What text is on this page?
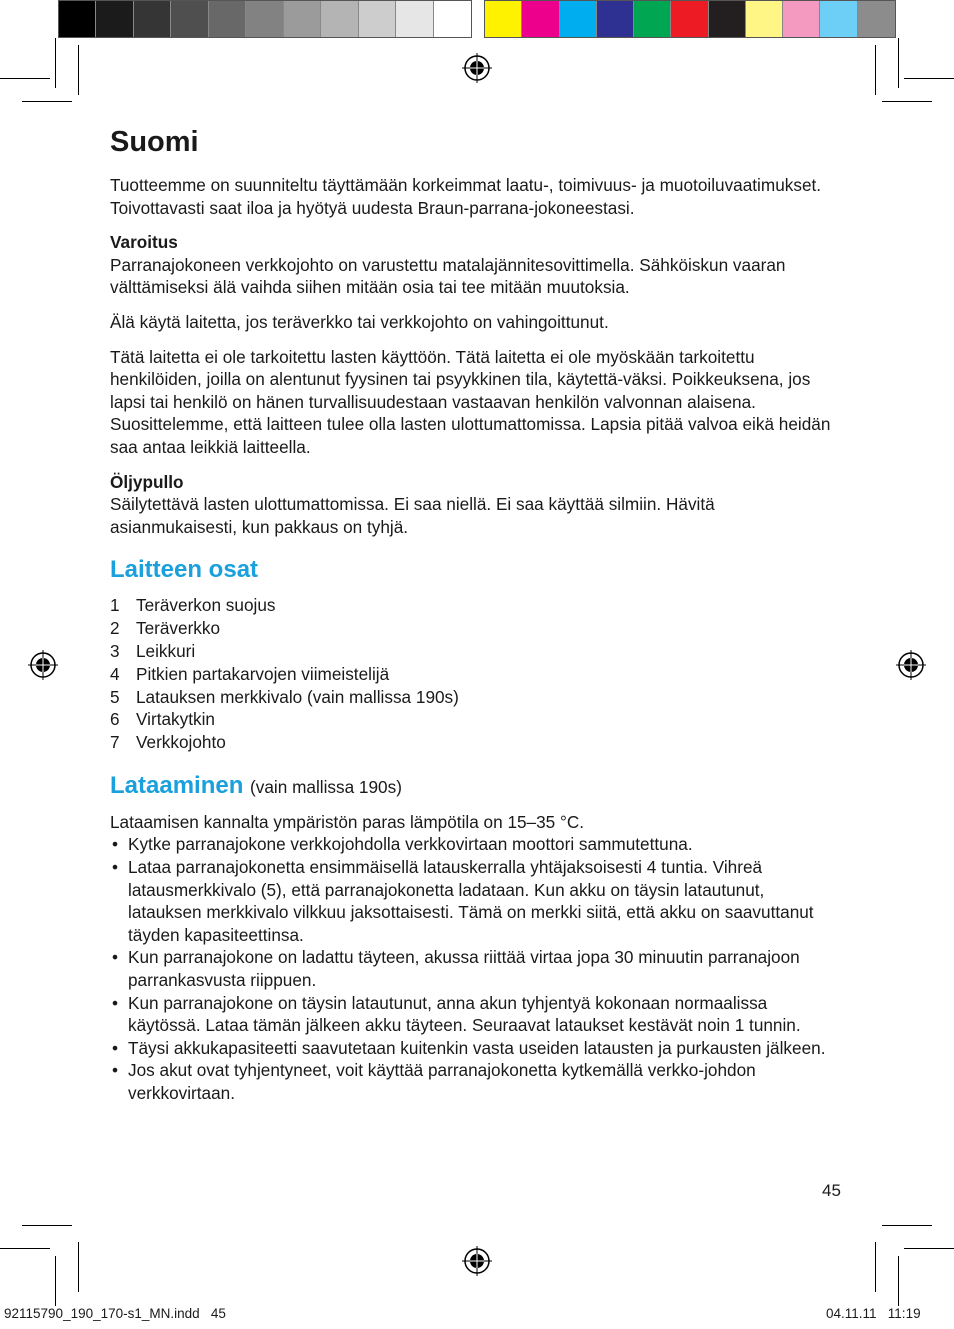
Suomi

Tuotteemme on suunniteltu täyttämään korkeimmat laatu-, toimivuus- ja muotoiluvaatimukset. Toivottavasti saat iloa ja hyötyä uudesta Braun-parrana-jokoneestasi.

Varoitus
Parranajokoneen verkkojohto on varustettu matalajännitesovittimella. Sähköiskun vaaran välttämiseksi älä vaihda siihen mitään osia tai tee mitään muutoksia.

Älä käytä laitetta, jos teräverkko tai verkkojohto on vahingoittunut.

Tätä laitetta ei ole tarkoitettu lasten käyttöön. Tätä laitetta ei ole myöskään tarkoitettu henkilöiden, joilla on alentunut fyysinen tai psyykkinen tila, käytettä-väksi. Poikkeuksena, jos lapsi tai henkilö on hänen turvallisuudestaan vastaavan henkilön valvonnan alaisena. Suosittelemme, että laitteen tulee olla lasten ulottumattomissa. Lapsia pitää valvoa eikä heidän saa antaa leikkiä laitteella.

Öljypullo
Säilytettävä lasten ulottumattomissa. Ei saa niellä. Ei saa käyttää silmiin. Hävitä asianmukaisesti, kun pakkaus on tyhjä.

Laitteen osat
1 Teräverkon suojus
2 Teräverkko
3 Leikkuri
4 Pitkien partakarvojen viimeistelijä
5 Latauksen merkkivalo (vain mallissa 190s)
6 Virtakytkin
7 Verkkojohto
Lataaminen (vain mallissa 190s)

Lataamisen kannalta ympäristön paras lämpötila on 15–35 °C.

• Kytke parranajokone verkkojohdolla verkkovirtaan moottori sammutettuna.
• Lataa parranajokonetta ensimmäisellä latauskerralla yhtäjaksoisesti 4 tuntia. Vihreä latausmerkkivalo (5), että parranajokonetta ladataan. Kun akku on täysin latautunut, latauksen merkkivalo vilkkuu jaksottaisesti. Tämä on merkki siitä, että akku on saavuttanut täyden kapasiteettinsa.
• Kun parranajokone on ladattu täyteen, akussa riittää virtaa jopa 30 minuutin parranajoon parrankasvusta riippuen.
• Kun parranajokone on täysin latautunut, anna akun tyhjentyä kokonaan normaalissa käytössä. Lataa tämän jälkeen akku täyteen. Seuraavat lataukset kestävät noin 1 tunnin.
• Täysi akkukapasiteetti saavutetaan kuitenkin vasta useiden latausten ja purkausten jälkeen.
• Jos akut ovat tyhjentyneet, voit käyttää parranajokonetta kytkemällä verkko-johdon verkkovirtaan.
45
92115790_190_170-s1_MN.indd   45	04.11.11   11:19
